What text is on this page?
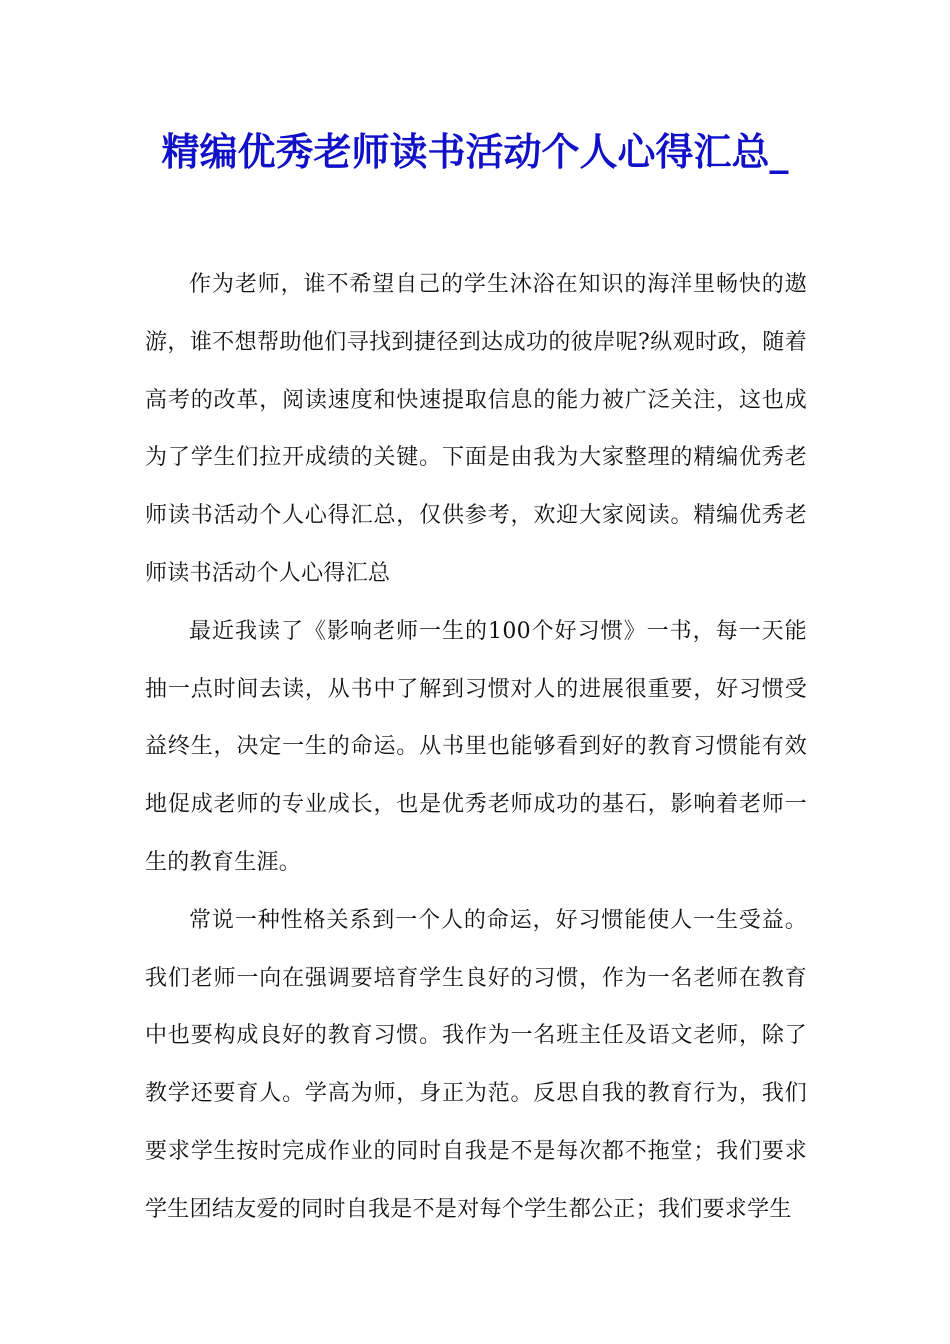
精编优秀老师读书活动个人心得汇总_

作为老师，谁不希望自己的学生沐浴在知识的海洋里畅快的遨游，谁不想帮助他们寻找到捷径到达成功的彼岸呢?纵观时政，随着高考的改革，阅读速度和快速提取信息的能力被广泛关注，这也成为了学生们拉开成绩的关键。下面是由我为大家整理的精编优秀老师读书活动个人心得汇总，仅供参考，欢迎大家阅读。精编优秀老师读书活动个人心得汇总

最近我读了《影响老师一生的100个好习惯》一书，每一天能抽一点时间去读，从书中了解到习惯对人的进展很重要，好习惯受益终生，决定一生的命运。从书里也能够看到好的教育习惯能有效地促成老师的专业成长，也是优秀老师成功的基石，影响着老师一生的教育生涯。

常说一种性格关系到一个人的命运，好习惯能使人一生受益。我们老师一向在强调要培育学生良好的习惯，作为一名老师在教育中也要构成良好的教育习惯。我作为一名班主任及语文老师，除了教学还要育人。学高为师，身正为范。反思自我的教育行为，我们要求学生按时完成作业的同时自我是不是每次都不拖堂；我们要求学生团结友爱的同时自我是不是对每个学生都公正；我们要求学生
